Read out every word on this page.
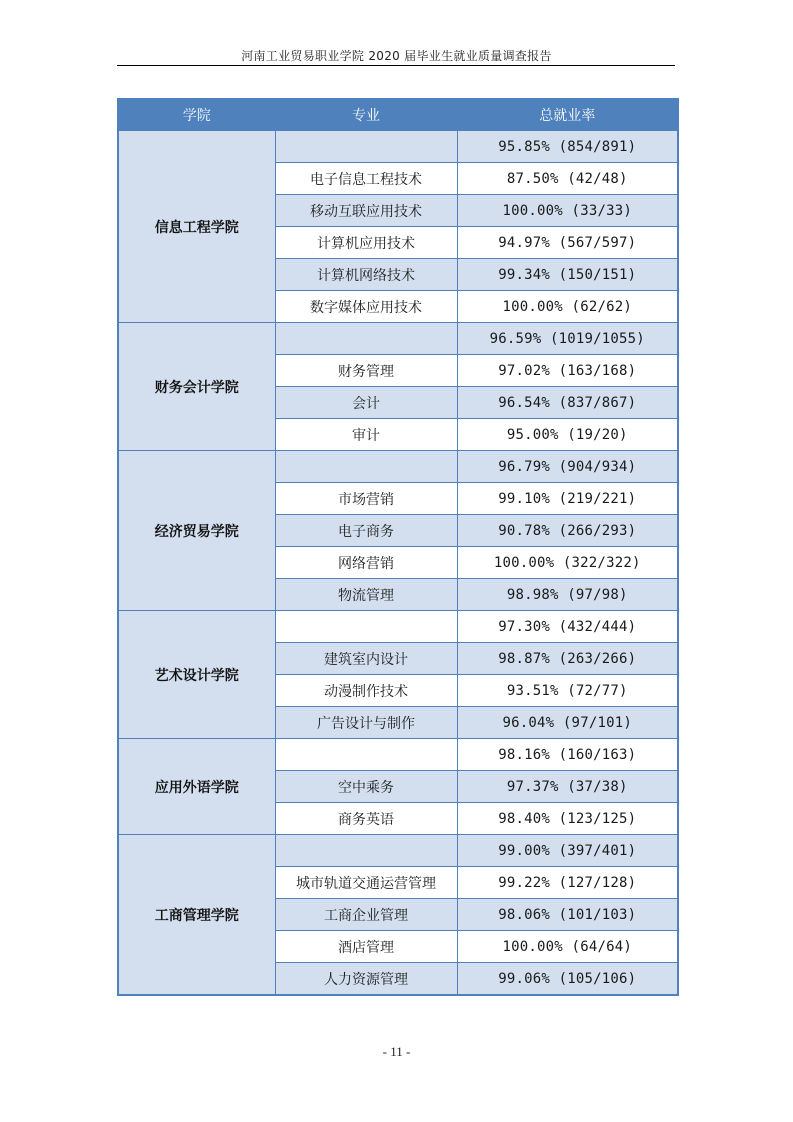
河南工业贸易职业学院 2020 届毕业生就业质量调查报告
学院	专业	总就业率
信息工程学院		95.85% (854/891)
	电子信息工程技术	87.50% (42/48)
	移动互联应用技术	100.00% (33/33)
	计算机应用技术	94.97% (567/597)
	计算机网络技术	99.34% (150/151)
	数字媒体应用技术	100.00% (62/62)
财务会计学院		96.59% (1019/1055)
	财务管理	97.02% (163/168)
	会计	96.54% (837/867)
	审计	95.00% (19/20)
经济贸易学院		96.79% (904/934)
	市场营销	99.10% (219/221)
	电子商务	90.78% (266/293)
	网络营销	100.00% (322/322)
	物流管理	98.98% (97/98)
艺术设计学院		97.30% (432/444)
	建筑室内设计	98.87% (263/266)
	动漫制作技术	93.51% (72/77)
	广告设计与制作	96.04% (97/101)
应用外语学院		98.16% (160/163)
	空中乘务	97.37% (37/38)
	商务英语	98.40% (123/125)
工商管理学院		99.00% (397/401)
	城市轨道交通运营管理	99.22% (127/128)
	工商企业管理	98.06% (101/103)
	酒店管理	100.00% (64/64)
	人力资源管理	99.06% (105/106)
- 11 -
